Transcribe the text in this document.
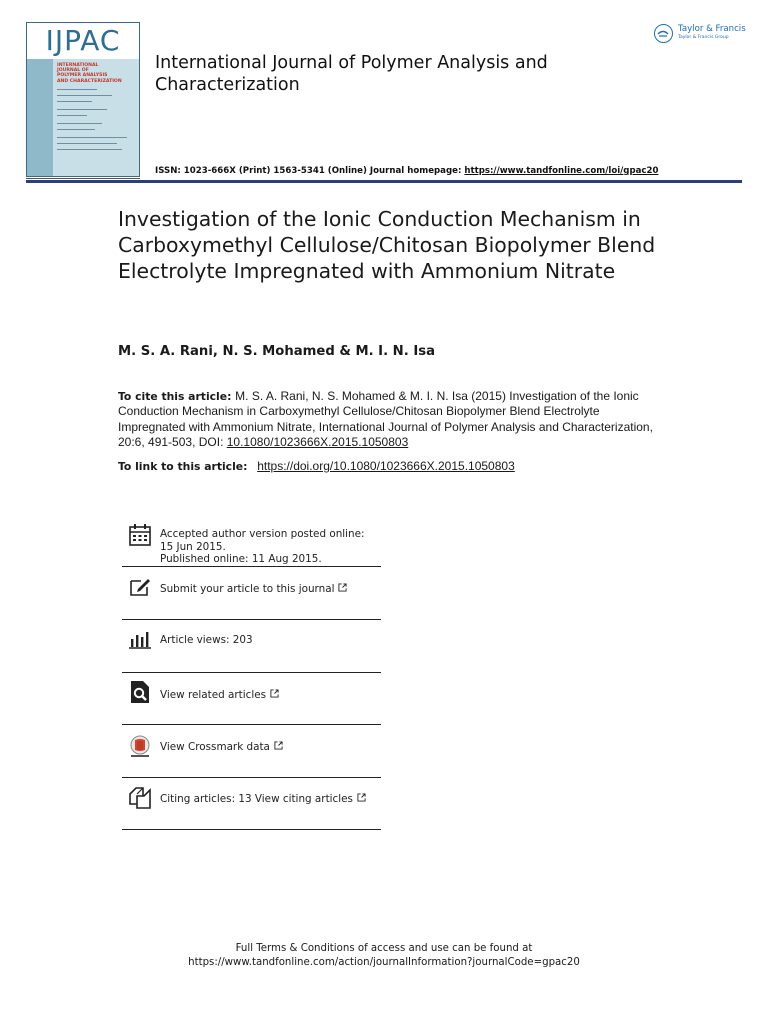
IJPAC
INTERNATIONAL
JOURNAL OF
POLYMER ANALYSIS
AND CHARACTERIZATION
Taylor & Francis
Taylor & Francis Group
International Journal of Polymer Analysis and Characterization
ISSN: 1023-666X (Print) 1563-5341 (Online) Journal homepage: https://www.tandfonline.com/loi/gpac20
Investigation of the Ionic Conduction Mechanism in Carboxymethyl Cellulose/Chitosan Biopolymer Blend Electrolyte Impregnated with Ammonium Nitrate
M. S. A. Rani, N. S. Mohamed & M. I. N. Isa
To cite this article: M. S. A. Rani, N. S. Mohamed & M. I. N. Isa (2015) Investigation of the Ionic Conduction Mechanism in Carboxymethyl Cellulose/Chitosan Biopolymer Blend Electrolyte Impregnated with Ammonium Nitrate, International Journal of Polymer Analysis and Characterization, 20:6, 491-503, DOI: 10.1080/1023666X.2015.1050803
To link to this article: https://doi.org/10.1080/1023666X.2015.1050803
Accepted author version posted online: 15 Jun 2015.
Published online: 11 Aug 2015.
Submit your article to this journal
Article views: 203
View related articles
View Crossmark data
Citing articles: 13 View citing articles
Full Terms & Conditions of access and use can be found at
https://www.tandfonline.com/action/journalInformation?journalCode=gpac20
